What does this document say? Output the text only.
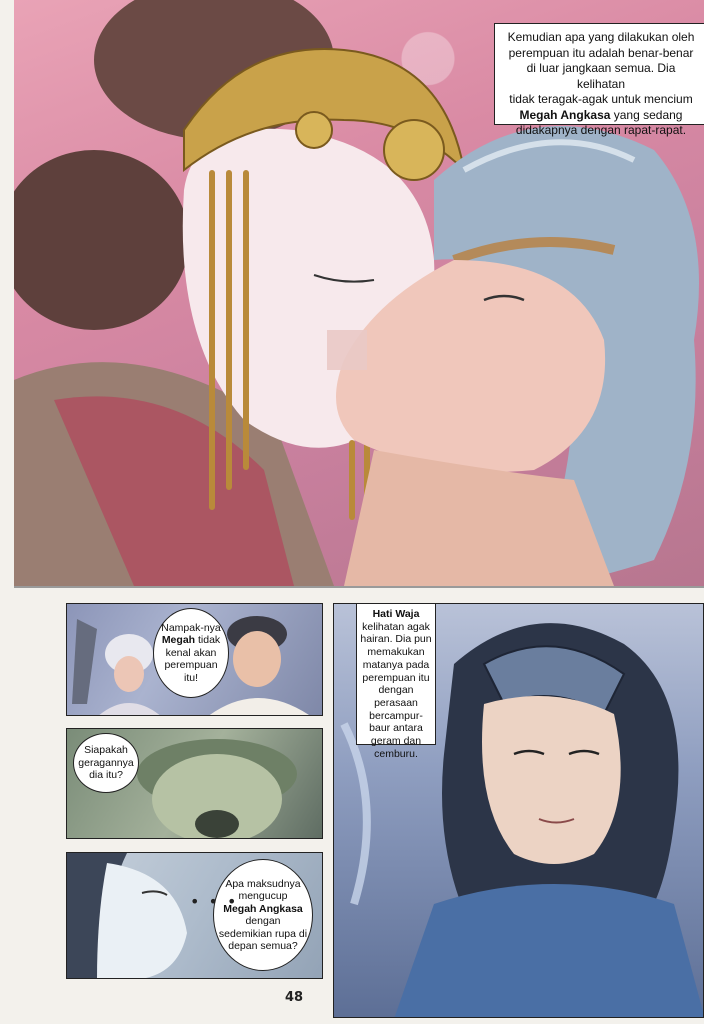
Kemudian apa yang dilakukan oleh
perempuan itu adalah benar-benar
di luar jangkaan semua. Dia kelihatan
tidak teragak-agak untuk mencium
Megah Angkasa yang sedang
didakapnya dengan rapat-rapat.
Nampak-nya Megah tidak kenal akan perempuan itu!
Siapakah geragannya dia itu?
Apa maksudnya mengucup
Megah Angkasa
dengan sedemikian rupa di depan semua?
• • •
Hati Waja
kelihatan agak hairan. Dia pun memakukan matanya pada perempuan itu dengan perasaan bercampur-baur antara geram dan cemburu.
48
